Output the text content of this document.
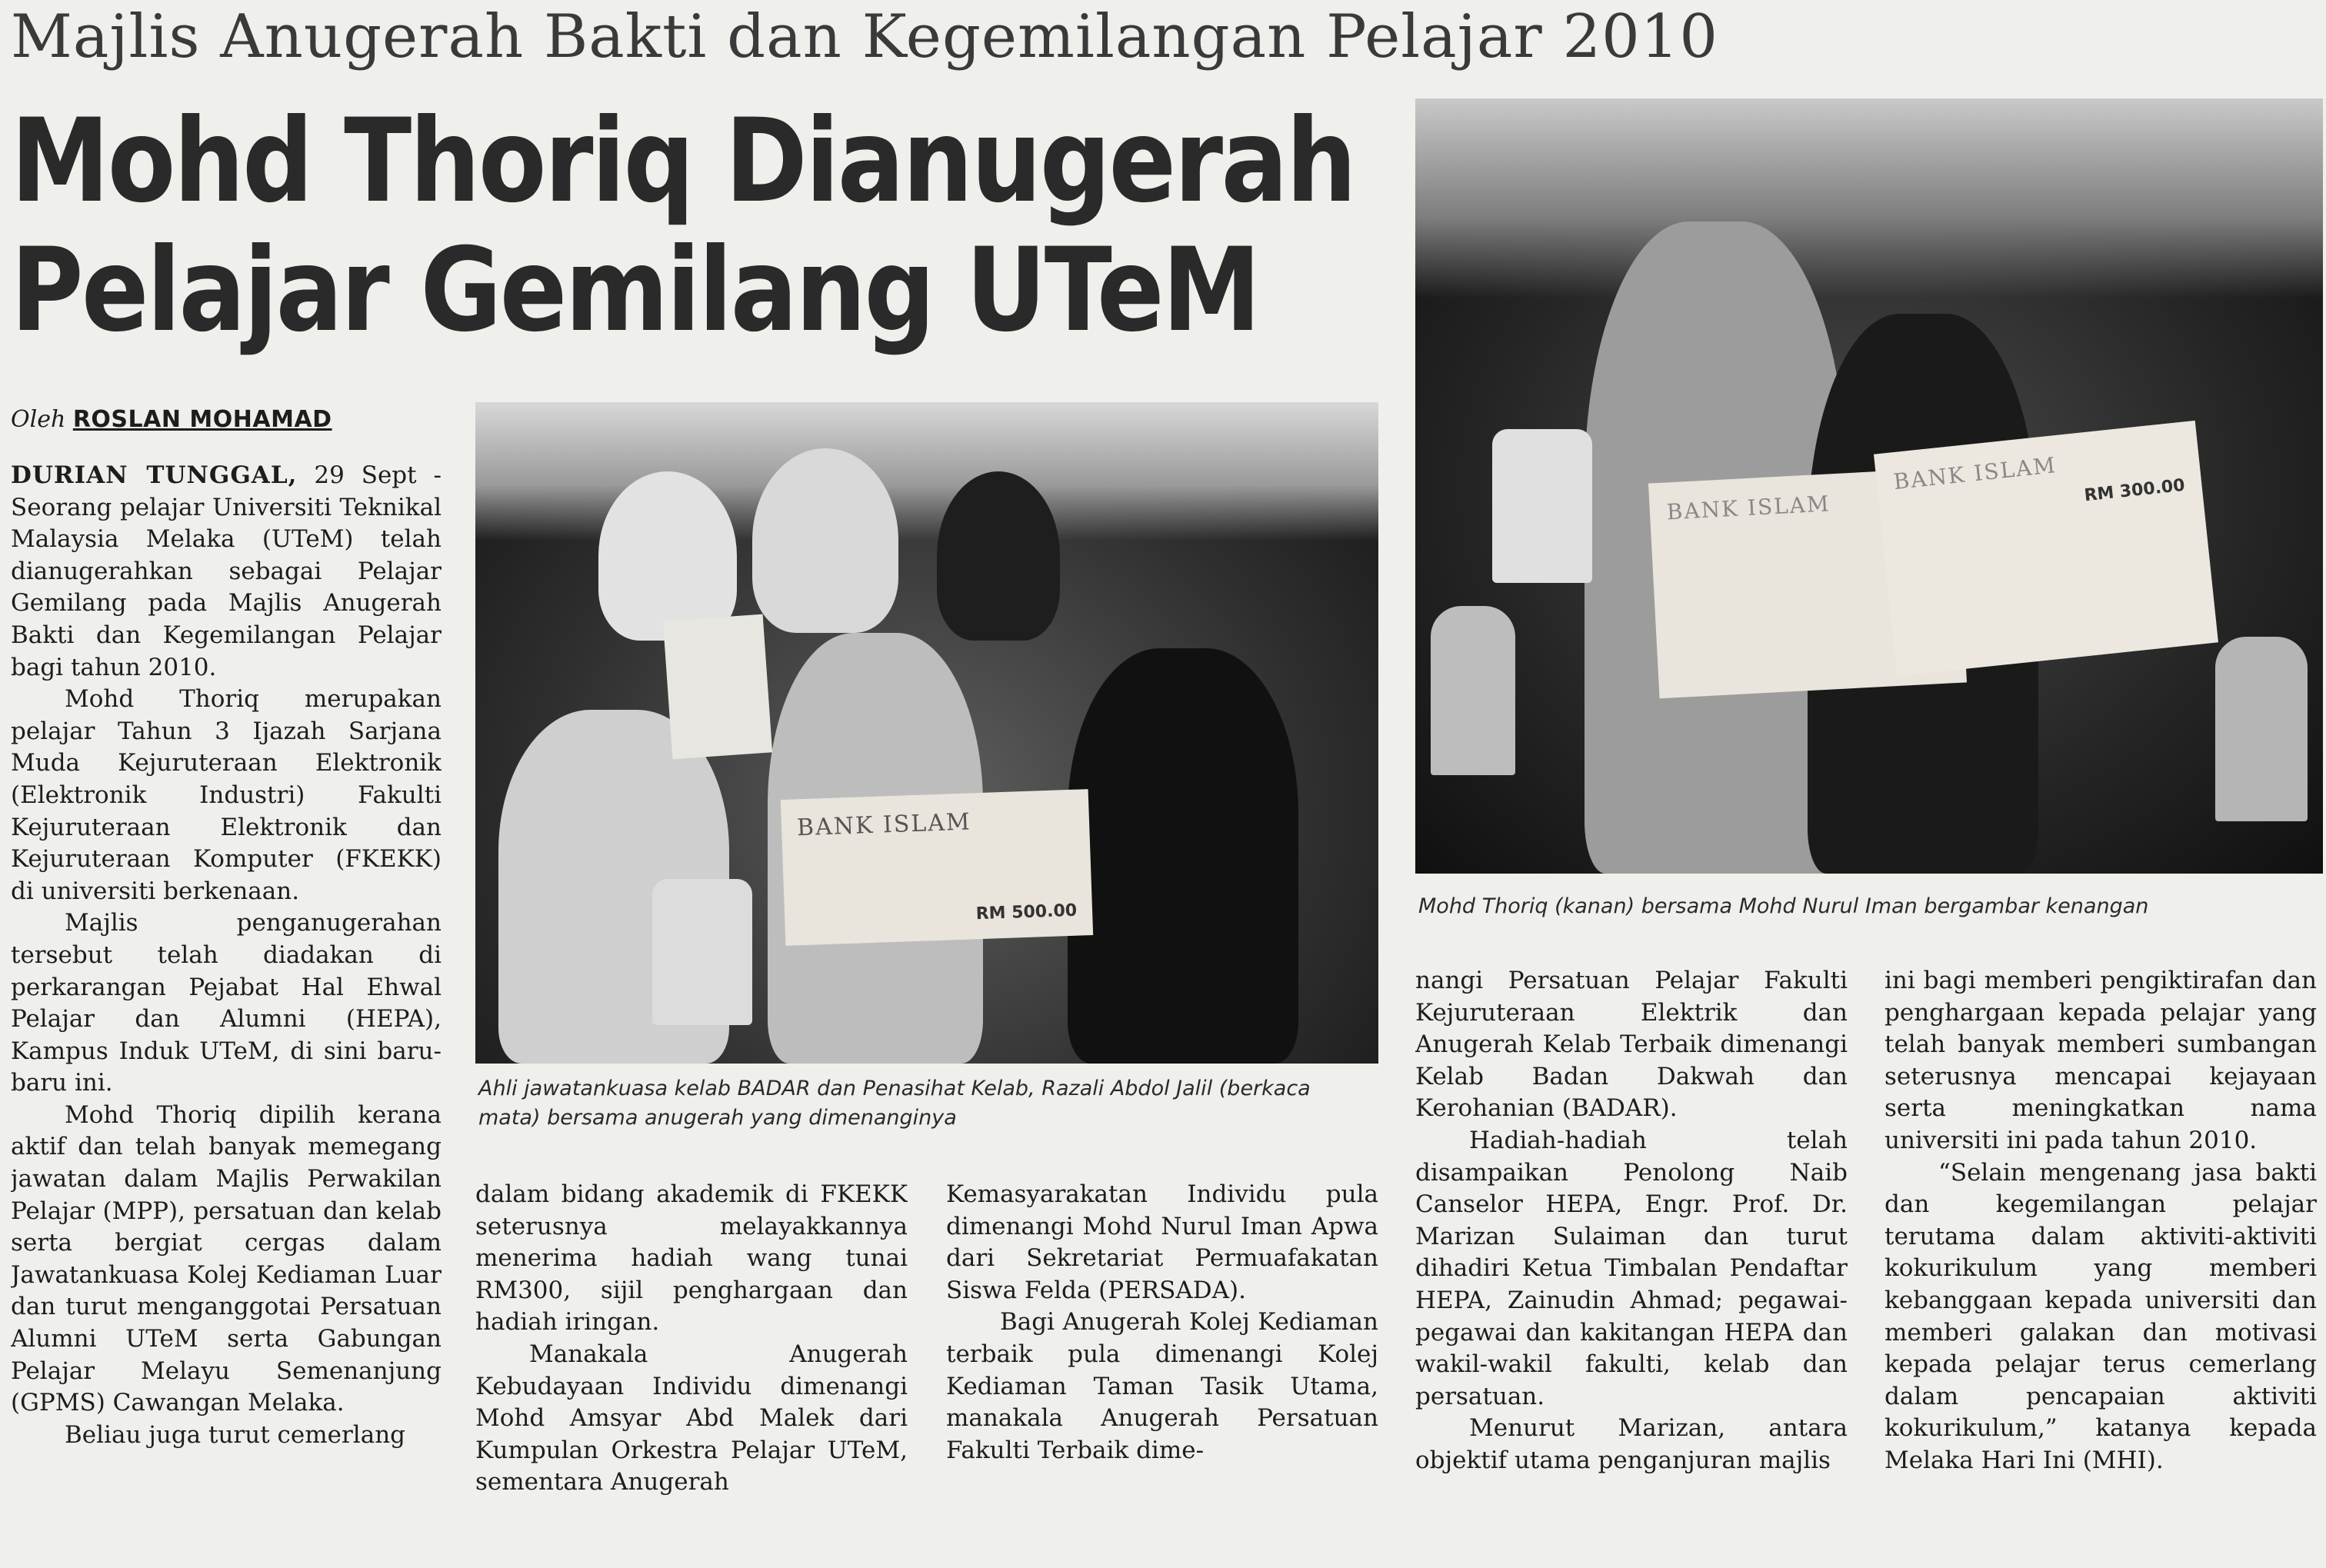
Majlis Anugerah Bakti dan Kegemilangan Pelajar 2010
Mohd Thoriq Dianugerah
Pelajar Gemilang UTeM
Oleh ROSLAN MOHAMAD

DURIAN TUNGGAL, 29 Sept - Seorang pelajar Universiti Teknikal Malaysia Melaka (UTeM) telah dianugerahkan sebagai Pelajar Gemilang pada Majlis Anugerah Bakti dan Kegemilangan Pelajar bagi tahun 2010.

Mohd Thoriq merupakan pelajar Tahun 3 Ijazah Sarjana Muda Kejuruteraan Elektronik (Elektronik Industri) Fakulti Kejuruteraan Elektronik dan Kejuruteraan Komputer (FKEKK) di universiti berkenaan.

Majlis penganugerahan tersebut telah diadakan di perkarangan Pejabat Hal Ehwal Pelajar dan Alumni (HEPA), Kampus Induk UTeM, di sini baru-baru ini.

Mohd Thoriq dipilih kerana aktif dan telah banyak memegang jawatan dalam Majlis Perwakilan Pelajar (MPP), persatuan dan kelab serta bergiat cergas dalam Jawatankuasa Kolej Kediaman Luar dan turut menganggotai Persatuan Alumni UTeM serta Gabungan Pelajar Melayu Semenanjung (GPMS) Cawangan Melaka.

Beliau juga turut cemerlang

BANK ISLAM
RM 500.00
Ahli jawatankuasa kelab BADAR dan Penasihat Kelab, Razali Abdol Jalil (berkaca mata) bersama anugerah yang dimenanginya
BANK ISLAM
BANK ISLAM	RM 300.00
Mohd Thoriq (kanan) bersama Mohd Nurul Iman bergambar kenangan

dalam bidang akademik di FKEKK seterusnya melayakkannya menerima hadiah wang tunai RM300, sijil penghargaan dan hadiah iringan.

Manakala Anugerah Kebudayaan Individu dimenangi Mohd Amsyar Abd Malek dari Kumpulan Orkestra Pelajar UTeM, sementara Anugerah

Kemasyarakatan Individu pula dimenangi Mohd Nurul Iman Apwa dari Sekretariat Permuafakatan Siswa Felda (PERSADA).

Bagi Anugerah Kolej Kediaman terbaik pula dimenangi Kolej Kediaman Taman Tasik Utama, manakala Anugerah Persatuan Fakulti Terbaik dime-

nangi Persatuan Pelajar Fakulti Kejuruteraan Elektrik dan Anugerah Kelab Terbaik dimenangi Kelab Badan Dakwah dan Kerohanian (BADAR).

Hadiah-hadiah telah disampaikan Penolong Naib Canselor HEPA, Engr. Prof. Dr. Marizan Sulaiman dan turut dihadiri Ketua Timbalan Pendaftar HEPA, Zainudin Ahmad; pegawai-pegawai dan kakitangan HEPA dan wakil-wakil fakulti, kelab dan persatuan.

Menurut Marizan, antara objektif utama penganjuran majlis

ini bagi memberi pengiktirafan dan penghargaan kepada pelajar yang telah banyak memberi sumbangan seterusnya mencapai kejayaan serta meningkatkan nama universiti ini pada tahun 2010.

“Selain mengenang jasa bakti dan kegemilangan pelajar terutama dalam aktiviti-aktiviti kokurikulum yang memberi kebanggaan kepada universiti dan memberi galakan dan motivasi kepada pelajar terus cemerlang dalam pencapaian aktiviti kokurikulum,” katanya kepada Melaka Hari Ini (MHI).
